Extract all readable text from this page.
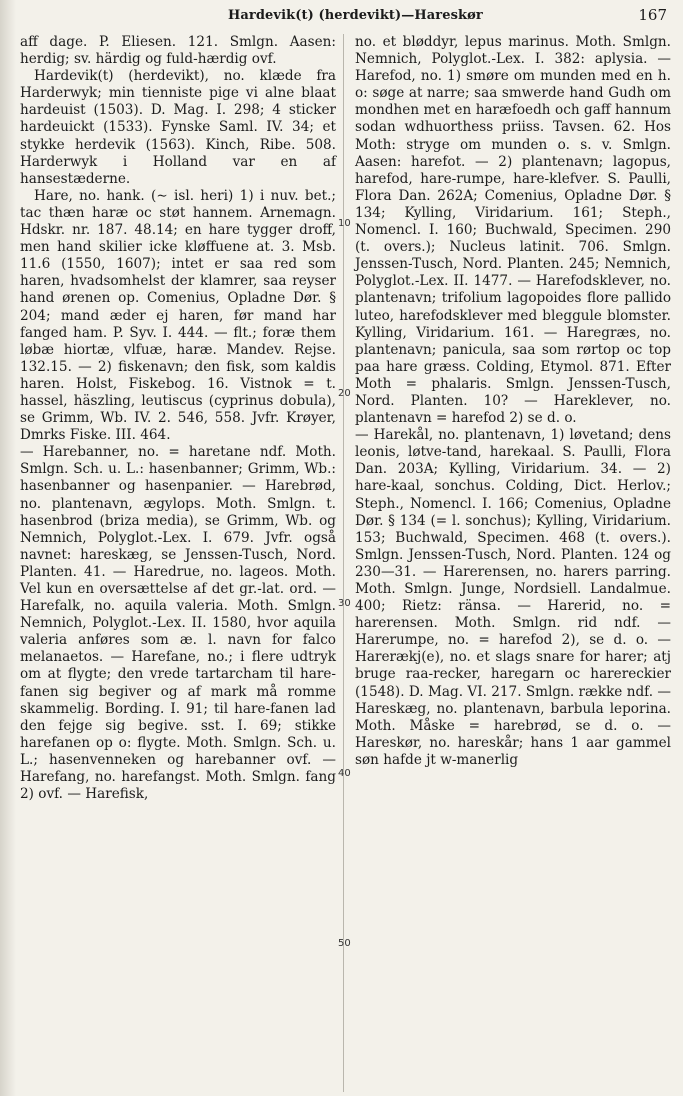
Hardevik(t) (herdevikt)—Hareskør	167

aff dage. P. Eliesen. 121. Smlgn. Aasen: herdig; sv. härdig og fuld-hærdig ovf.

Hardevik(t) (herdevikt), no. klæde fra Harderwyk; min tienniste pige vi alne blaat hardeuist (1503). D. Mag. I. 298; 4 sticker hardeuickt (1533). Fynske Saml. IV. 34; et stykke herdevik (1563). Kinch, Ribe. 508. Harderwyk i Holland var en af hansestæderne.

Hare, no. hank. (∼ isl. heri) 1) i nuv. bet.; tac thæn haræ oc støt hannem. Arnemagn. Hdskr. nr. 187. 48.14; en hare tygger droff, men hand skilier icke kløffuene at. 3. Msb. 11.6 (1550, 1607); intet er saa red som haren, hvadsomhelst der klamrer, saa reyser hand ørenen op. Comenius, Opladne Dør. § 204; mand æder ej haren, før mand har fanged ham. P. Syv. I. 444. — flt.; foræ them løbæ hiortæ, vlfuæ, haræ. Mandev. Rejse. 132.15. — 2) fiskenavn; den fisk, som kaldis haren. Holst, Fiskebog. 16. Vistnok = t. hassel, häszling, leutiscus (cyprinus dobula), se Grimm, Wb. IV. 2. 546, 558. Jvfr. Krøyer, Dmrks Fiske. III. 464.

— Harebanner, no. = haretane ndf. Moth. Smlgn. Sch. u. L.: hasenbanner; Grimm, Wb.: hasenbanner og hasenpanier. — Harebrød, no. plantenavn, ægylops. Moth. Smlgn. t. hasenbrod (briza media), se Grimm, Wb. og Nemnich, Polyglot.-Lex. I. 679. Jvfr. også navnet: hareskæg, se Jenssen-Tusch, Nord. Planten. 41. — Haredrue, no. lageos. Moth. Vel kun en oversættelse af det gr.-lat. ord. — Harefalk, no. aquila valeria. Moth. Smlgn. Nemnich, Polyglot.-Lex. II. 1580, hvor aquila valeria anføres som æ. l. navn for falco melanaetos. — Harefane, no.; i flere udtryk om at flygte; den vrede tartarcham til hare-fanen sig begiver og af mark må romme skammelig. Bording. I. 91; til hare-fanen lad den fejge sig begive. sst. I. 69; stikke harefanen op o: flygte. Moth. Smlgn. Sch. u. L.; hasenvenneken og harebanner ovf. — Harefang, no. harefangst. Moth. Smlgn. fang 2) ovf. — Harefisk,

10
20
30
40
50

no. et bløddyr, lepus marinus. Moth. Smlgn. Nemnich, Polyglot.-Lex. I. 382: aplysia. — Harefod, no. 1) smøre om munden med en h. o: søge at narre; saa smwerde hand Gudh om mondhen met en haræfoedh och gaff hannum sodan wdhuorthess priiss. Tavsen. 62. Hos Moth: stryge om munden o. s. v. Smlgn. Aasen: harefot. — 2) plantenavn; lagopus, harefod, hare-rumpe, hare-klefver. S. Paulli, Flora Dan. 262A; Comenius, Opladne Dør. § 134; Kylling, Viridarium. 161; Steph., Nomencl. I. 160; Buchwald, Specimen. 290 (t. overs.); Nucleus latinit. 706. Smlgn. Jenssen-Tusch, Nord. Planten. 245; Nemnich, Polyglot.-Lex. II. 1477. — Harefodsklever, no. plantenavn; trifolium lagopoides flore pallido luteo, harefodsklever med bleggule blomster. Kylling, Viridarium. 161. — Haregræs, no. plantenavn; panicula, saa som rørtop oc top paa hare græss. Colding, Etymol. 871. Efter Moth = phalaris. Smlgn. Jenssen-Tusch, Nord. Planten. 10? — Hareklever, no. plantenavn = harefod 2) se d. o.

— Harekål, no. plantenavn, 1) løvetand; dens leonis, løtve-tand, harekaal. S. Paulli, Flora Dan. 203A; Kylling, Viridarium. 34. — 2) hare-kaal, sonchus. Colding, Dict. Herlov.; Steph., Nomencl. I. 166; Comenius, Opladne Dør. § 134 (= l. sonchus); Kylling, Viridarium. 153; Buchwald, Specimen. 468 (t. overs.). Smlgn. Jenssen-Tusch, Nord. Planten. 124 og 230—31. — Harerensen, no. harers parring. Moth. Smlgn. Junge, Nordsiell. Landalmue. 400; Rietz: ränsa. — Harerid, no. = harerensen. Moth. Smlgn. rid ndf. — Harerumpe, no. = harefod 2), se d. o. — Harerækj(e), no. et slags snare for harer; atj bruge raa-recker, haregarn oc harereckier (1548). D. Mag. VI. 217. Smlgn. række ndf. — Hareskæg, no. plantenavn, barbula leporina. Moth. Måske = harebrød, se d. o. — Hareskør, no. hareskår; hans 1 aar gammel søn hafde jt w-manerlig
